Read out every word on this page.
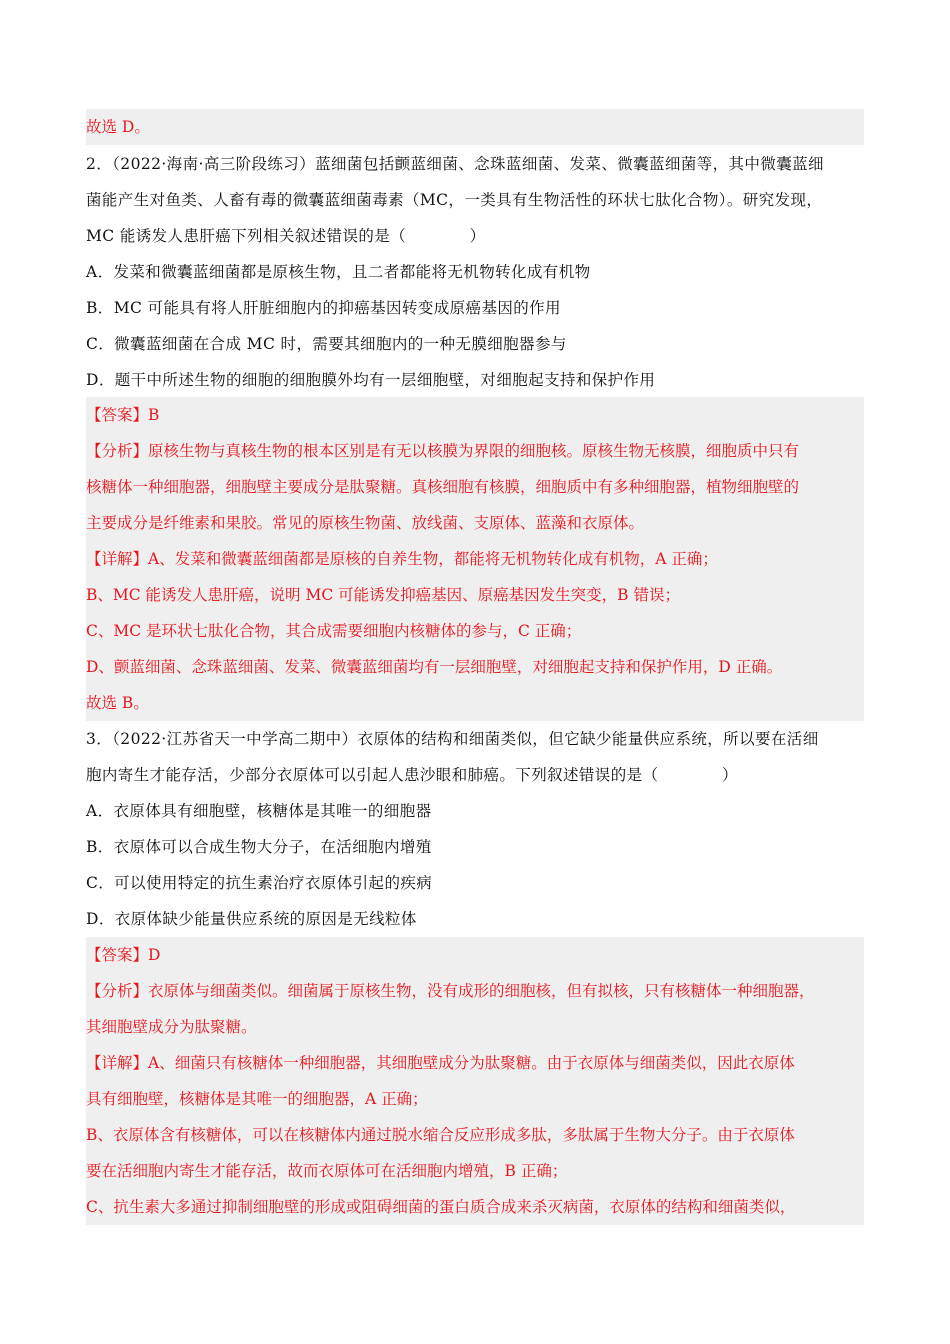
故选 D。
2．（2022·海南·高三阶段练习）蓝细菌包括颤蓝细菌、念珠蓝细菌、发菜、微囊蓝细菌等，其中微囊蓝细
菌能产生对鱼类、人畜有毒的微囊蓝细菌毒素（MC，一类具有生物活性的环状七肽化合物）。研究发现，
MC 能诱发人患肝癌下列相关叙述错误的是（　　　　）
A．发菜和微囊蓝细菌都是原核生物，且二者都能将无机物转化成有机物
B．MC 可能具有将人肝脏细胞内的抑癌基因转变成原癌基因的作用
C．微囊蓝细菌在合成 MC 时，需要其细胞内的一种无膜细胞器参与
D．题干中所述生物的细胞的细胞膜外均有一层细胞壁，对细胞起支持和保护作用
【答案】B
【分析】原核生物与真核生物的根本区别是有无以核膜为界限的细胞核。原核生物无核膜，细胞质中只有
核糖体一种细胞器，细胞壁主要成分是肽聚糖。真核细胞有核膜，细胞质中有多种细胞器，植物细胞壁的
主要成分是纤维素和果胶。常见的原核生物菌、放线菌、支原体、蓝藻和衣原体。
【详解】A、发菜和微囊蓝细菌都是原核的自养生物，都能将无机物转化成有机物，A 正确；
B、MC 能诱发人患肝癌，说明 MC 可能诱发抑癌基因、原癌基因发生突变，B 错误；
C、MC 是环状七肽化合物，其合成需要细胞内核糖体的参与，C 正确；
D、颤蓝细菌、念珠蓝细菌、发菜、微囊蓝细菌均有一层细胞壁，对细胞起支持和保护作用，D 正确。
故选 B。
3．（2022·江苏省天一中学高二期中）衣原体的结构和细菌类似，但它缺少能量供应系统，所以要在活细
胞内寄生才能存活，少部分衣原体可以引起人患沙眼和肺癌。下列叙述错误的是（　　　　）
A．衣原体具有细胞壁，核糖体是其唯一的细胞器
B．衣原体可以合成生物大分子，在活细胞内增殖
C．可以使用特定的抗生素治疗衣原体引起的疾病
D．衣原体缺少能量供应系统的原因是无线粒体
【答案】D
【分析】衣原体与细菌类似。细菌属于原核生物，没有成形的细胞核，但有拟核，只有核糖体一种细胞器，
其细胞壁成分为肽聚糖。
【详解】A、细菌只有核糖体一种细胞器，其细胞壁成分为肽聚糖。由于衣原体与细菌类似，因此衣原体
具有细胞壁，核糖体是其唯一的细胞器，A 正确；
B、衣原体含有核糖体，可以在核糖体内通过脱水缩合反应形成多肽，多肽属于生物大分子。由于衣原体
要在活细胞内寄生才能存活，故而衣原体可在活细胞内增殖，B 正确；
C、抗生素大多通过抑制细胞壁的形成或阻碍细菌的蛋白质合成来杀灭病菌，衣原体的结构和细菌类似，
